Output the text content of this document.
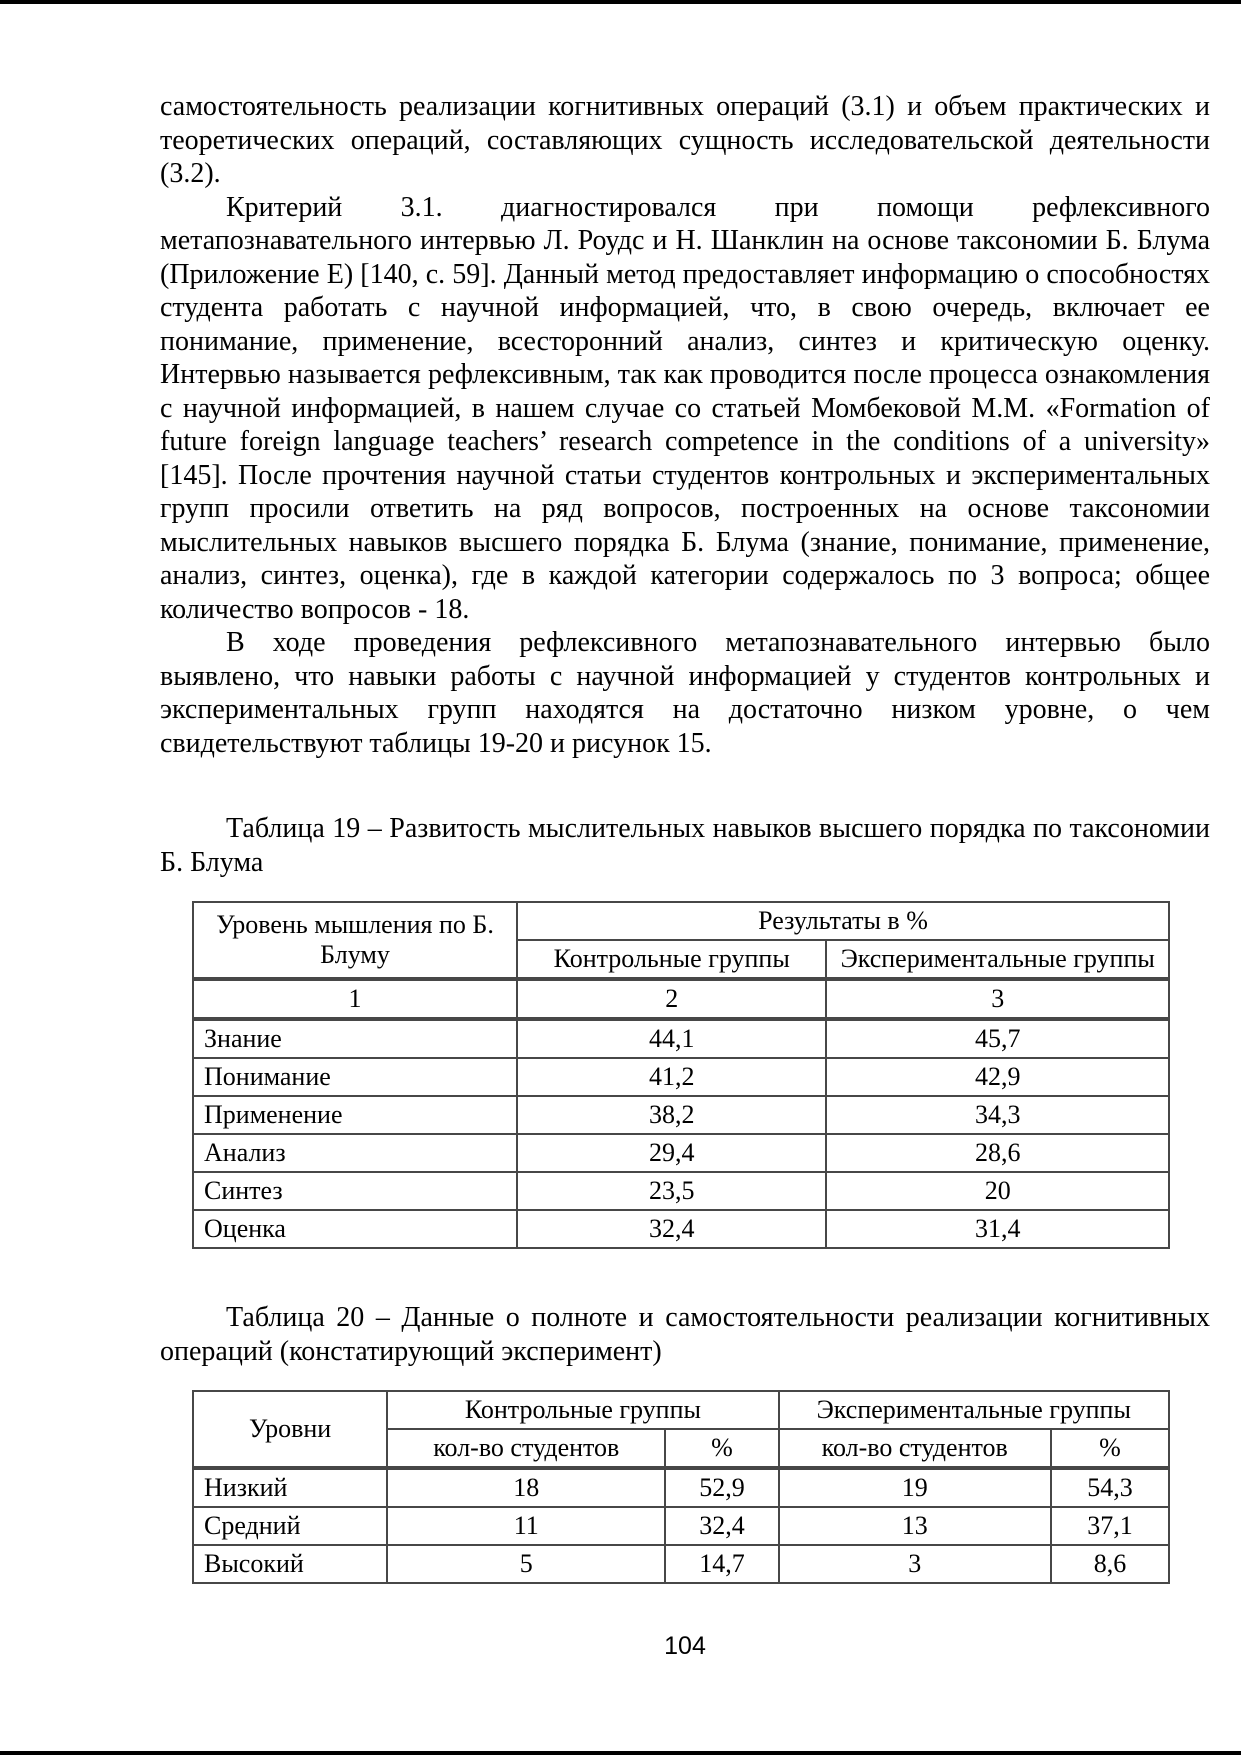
самостоятельность реализации когнитивных операций (3.1) и объем практических и теоретических операций, составляющих сущность исследовательской деятельности (3.2).

Критерий 3.1. диагностировался при помощи рефлексивного метапознавательного интервью Л. Роудс и Н. Шанклин на основе таксономии Б. Блума (Приложение Е) [140, с. 59]. Данный метод предоставляет информацию о способностях студента работать с научной информацией, что, в свою очередь, включает ее понимание, применение, всесторонний анализ, синтез и критическую оценку. Интервью называется рефлексивным, так как проводится после процесса ознакомления с научной информацией, в нашем случае со статьей Момбековой М.М. «Formation of future foreign language teachers’ research competence in the conditions of a university» [145]. После прочтения научной статьи студентов контрольных и экспериментальных групп просили ответить на ряд вопросов, построенных на основе таксономии мыслительных навыков высшего порядка Б. Блума (знание, понимание, применение, анализ, синтез, оценка), где в каждой категории содержалось по 3 вопроса; общее количество вопросов - 18.

В ходе проведения рефлексивного метапознавательного интервью было выявлено, что навыки работы с научной информацией у студентов контрольных и экспериментальных групп находятся на достаточно низком уровне, о чем свидетельствуют таблицы 19-20 и рисунок 15.

Таблица 19 – Развитость мыслительных навыков высшего порядка по таксономии Б. Блума

Уровень мышления по Б. Блуму	Результаты в %	
	Контрольные группы	Экспериментальные группы
1	2	3
Знание	44,1	45,7
Понимание	41,2	42,9
Применение	38,2	34,3
Анализ	29,4	28,6
Синтез	23,5	20
Оценка	32,4	31,4

Таблица 20 – Данные о полноте и самостоятельности реализации когнитивных операций (констатирующий эксперимент)

Уровни	Контрольные группы		Экспериментальные группы	
	кол-во студентов	%	кол-во студентов	%
Низкий	18	52,9	19	54,3
Средний	11	32,4	13	37,1
Высокий	5	14,7	3	8,6
104
